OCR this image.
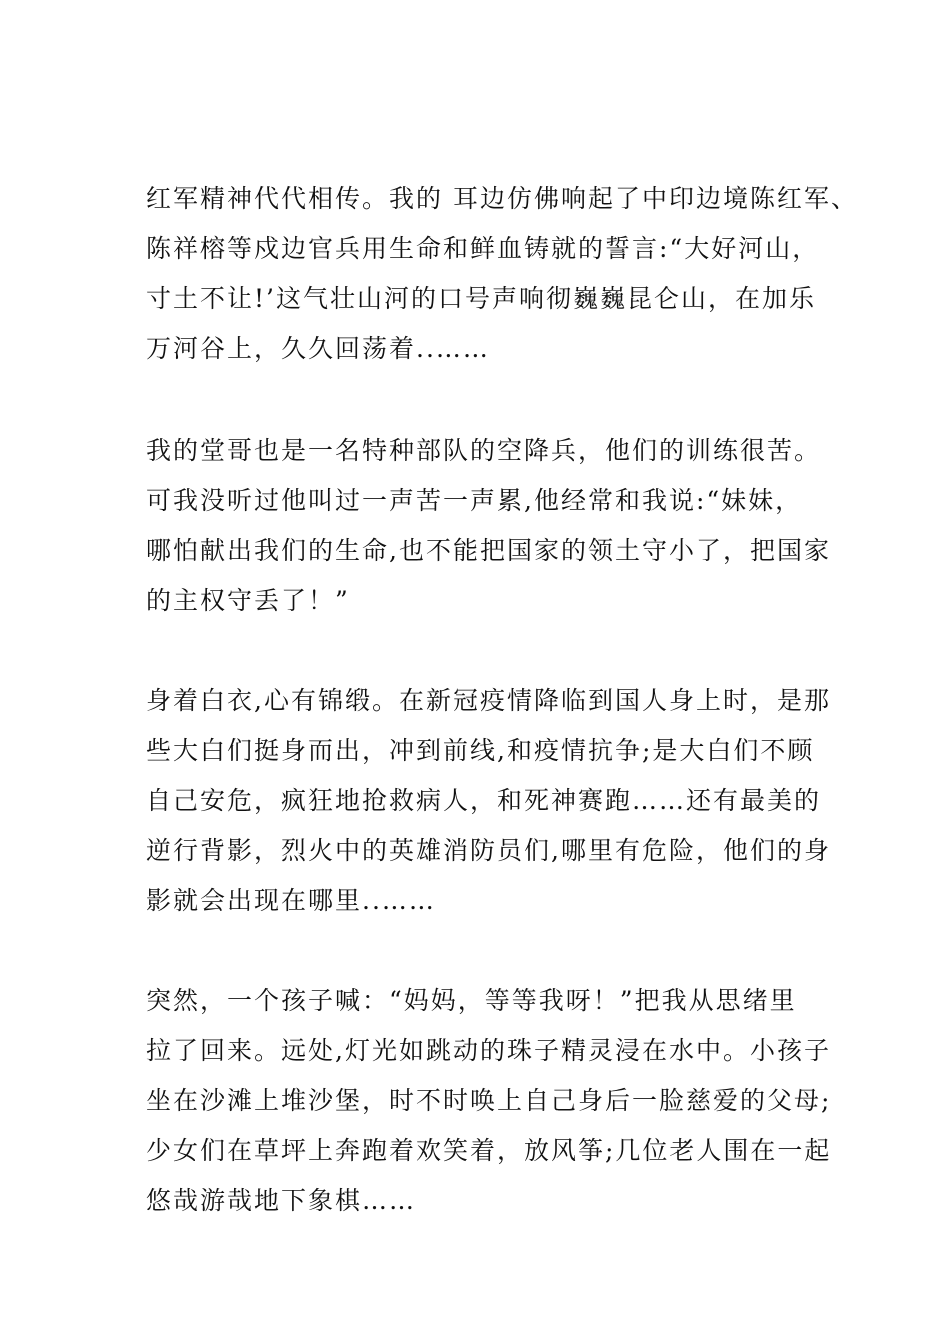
红军精神代代相传。我的 耳边仿佛响起了中印边境陈红军、
陈祥榕等戍边官兵用生命和鲜血铸就的誓言:“大好河山，
寸土不让!’这气壮山河的口号声响彻巍巍昆仑山，在加乐
万河谷上，久久回荡着..……
我的堂哥也是一名特种部队的空降兵，他们的训练很苦。
可我没听过他叫过一声苦一声累,他经常和我说:“妹妹，
哪怕献出我们的生命,也不能把国家的领土守小了，把国家
的主权守丢了！”
身着白衣,心有锦缎。在新冠疫情降临到国人身上时，是那
些大白们挺身而出，冲到前线,和疫情抗争;是大白们不顾
自己安危，疯狂地抢救病人，和死神赛跑……还有最美的
逆行背影，烈火中的英雄消防员们,哪里有危险，他们的身
影就会出现在哪里..……
突然，一个孩子喊：“妈妈，等等我呀！”把我从思绪里
拉了回来。远处,灯光如跳动的珠子精灵浸在水中。小孩子
坐在沙滩上堆沙堡，时不时唤上自己身后一脸慈爱的父母;
少女们在草坪上奔跑着欢笑着，放风筝;几位老人围在一起
悠哉游哉地下象棋……
